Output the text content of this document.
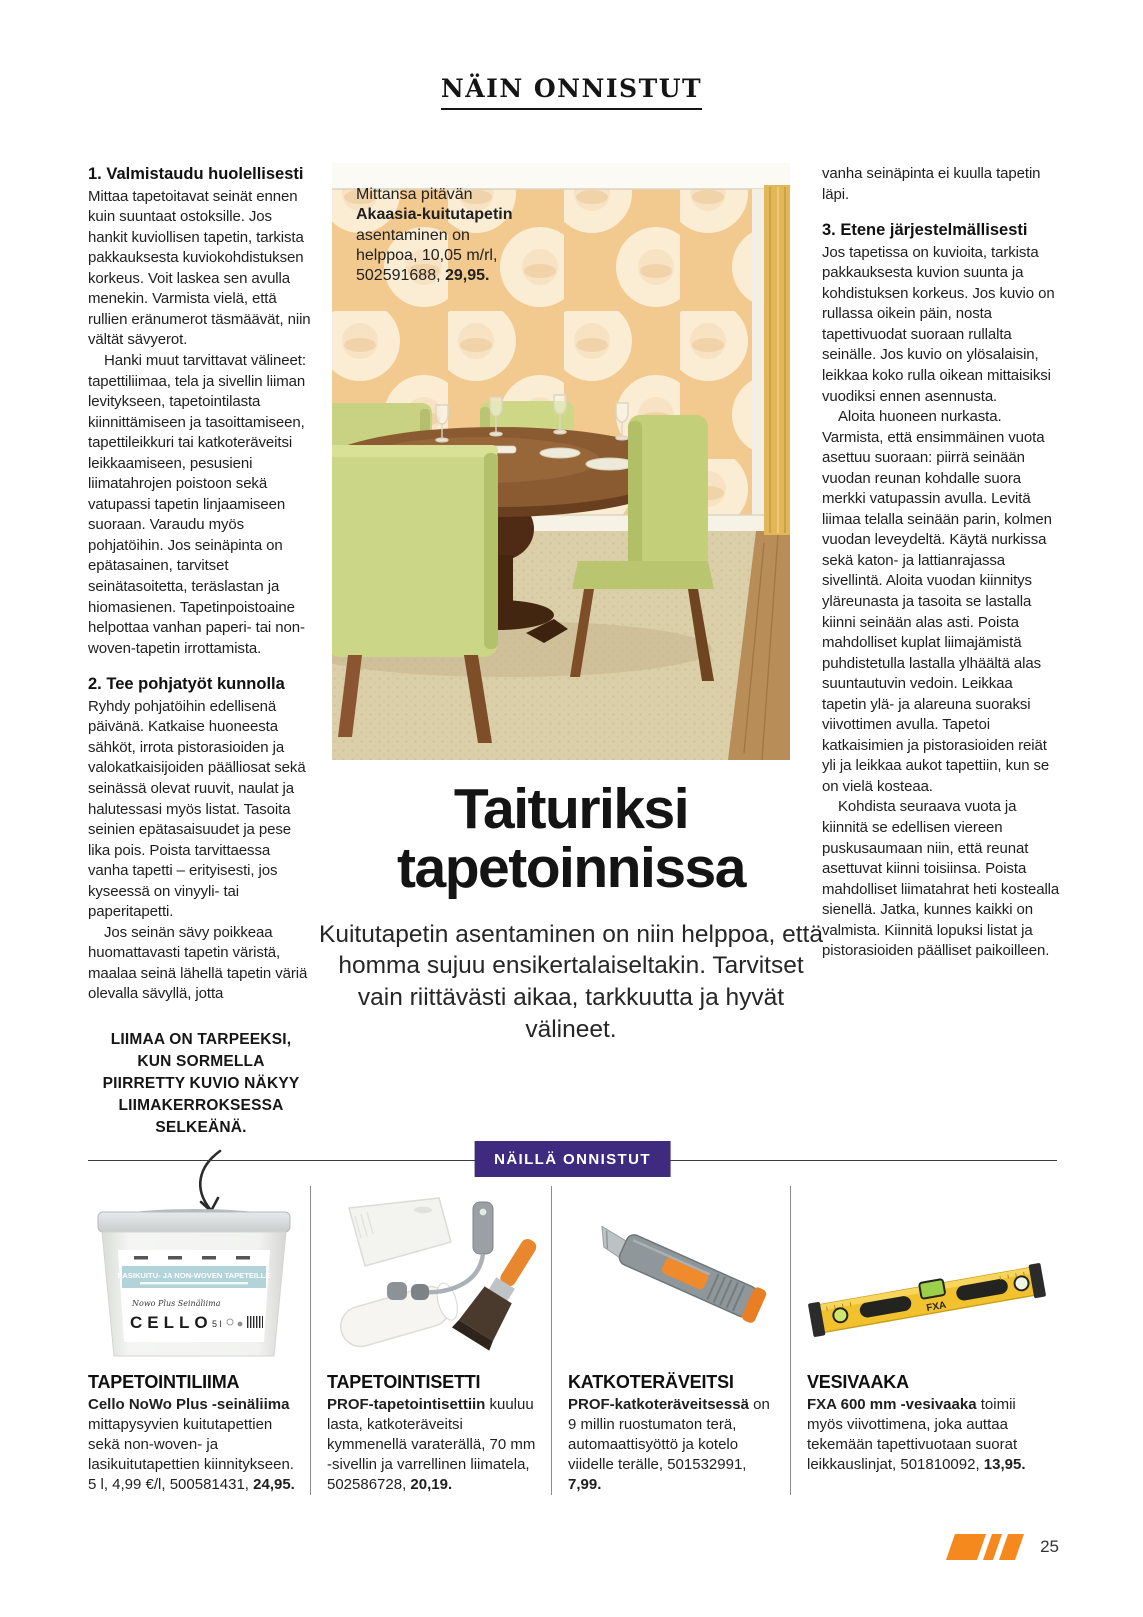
NÄIN ONNISTUT
1. Valmistaudu huolellisesti

Mittaa tapetoitavat seinät ennen kuin suuntaat ostoksille. Jos hankit kuviollisen tapetin, tarkista pakkauksesta kuviokohdistuksen korkeus. Voit laskea sen avulla menekin. Varmista vielä, että rullien eränumerot täsmäävät, niin vältät sävyerot.

Hanki muut tarvittavat välineet: tapettiliimaa, tela ja sivellin liiman levitykseen, tapetointilasta kiinnittämiseen ja tasoittamiseen, tapettileikkuri tai katkoteräveitsi leikkaamiseen, pesusieni liimatahrojen poistoon sekä vatupassi tapetin linjaamiseen suoraan. Varaudu myös pohjatöihin. Jos seinäpinta on epätasainen, tarvitset seinätasoitetta, teräslastan ja hiomasienen. Tapetinpoistoaine helpottaa vanhan paperi- tai non-woven-tapetin irrottamista.

2. Tee pohjatyöt kunnolla

Ryhdy pohjatöihin edellisenä päivänä. Katkaise huoneesta sähköt, irrota pistorasioiden ja valokatkaisijoiden päälliosat sekä seinässä olevat ruuvit, naulat ja halutessasi myös listat. Tasoita seinien epätasaisuudet ja pese lika pois. Poista tarvittaessa vanha tapetti – erityisesti, jos kyseessä on vinyyli- tai paperitapetti.

Jos seinän sävy poikkeaa huomattavasti tapetin väristä, maalaa seinä lähellä tapetin väriä olevalla sävyllä, jotta

LIIMAA ON TARPEEKSI, KUN SORMELLA PIIRRETTY KUVIO NÄKYY LIIMAKERROKSESSA SELKEÄNÄ.
Mittansa pitävän Akaasia-kuitutapetin asentaminen on helppoa, 10,05 m/rl, 502591688, 29,95.
Taituriksi
tapetoinnissa

Kuitutapetin asentaminen on niin helppoa, että homma sujuu ensikertalaiseltakin. Tarvitset vain riittävästi aikaa, tarkkuutta ja hyvät välineet.

vanha seinäpinta ei kuulla tapetin läpi.

3. Etene järjestelmällisesti

Jos tapetissa on kuvioita, tarkista pakkauksesta kuvion suunta ja kohdistuksen korkeus. Jos kuvio on rullassa oikein päin, nosta tapettivuodat suoraan rullalta seinälle. Jos kuvio on ylösalaisin, leikkaa koko rulla oikean mittaisiksi vuodiksi ennen asennusta.

Aloita huoneen nurkasta. Varmista, että ensimmäinen vuota asettuu suoraan: piirrä seinään vuodan reunan kohdalle suora merkki vatupassin avulla. Levitä liimaa telalla seinään parin, kolmen vuodan leveydeltä. Käytä nurkissa sekä katon- ja lattianrajassa sivellintä. Aloita vuodan kiinnitys yläreunasta ja tasoita se lastalla kiinni seinään alas asti. Poista mahdolliset kuplat liimajämistä puhdistetulla lastalla ylhäältä alas suuntautuvin vedoin. Leikkaa tapetin ylä- ja alareuna suoraksi viivottimen avulla. Tapetoi katkaisimien ja pistorasioiden reiät yli ja leikkaa aukot tapettiin, kun se on vielä kosteaa.

Kohdista seuraava vuota ja kiinnitä se edellisen viereen puskusaumaan niin, että reunat asettuvat kiinni toisiinsa. Poista mahdolliset liimatahrat heti kostealla sienellä. Jatka, kunnes kaikki on valmista. Kiinnitä lopuksi listat ja pistorasioiden päälliset paikoilleen.

NÄILLÄ ONNISTUT
LASIKUITU- JA NON-WOVEN TAPETEILLE
Nowo Plus Seinäliima
CELLO 5 l
TAPETOINTILIIMA

Cello NoWo Plus -seinäliima mittapysyvien kuitutapettien sekä non-woven- ja lasikuitutapettien kiinnitykseen. 5 l, 4,99 €/l, 500581431, 24,95.

TAPETOINTISETTI

PROF-tapetointisettiin kuuluu lasta, katkoteräveitsi kymmenellä varaterällä, 70 mm -sivellin ja varrellinen liimatela, 502586728, 20,19.

KATKOTERÄVEITSI

PROF-katkoteräveitsessä on 9 millin ruostumaton terä, automaattisyöttö ja kotelo viidelle terälle, 501532991, 7,99.

FXA
VESIVAAKA

FXA 600 mm -vesivaaka toimii myös viivottimena, joka auttaa tekemään tapettivuotaan suorat leikkauslinjat, 501810092, 13,95.

25
